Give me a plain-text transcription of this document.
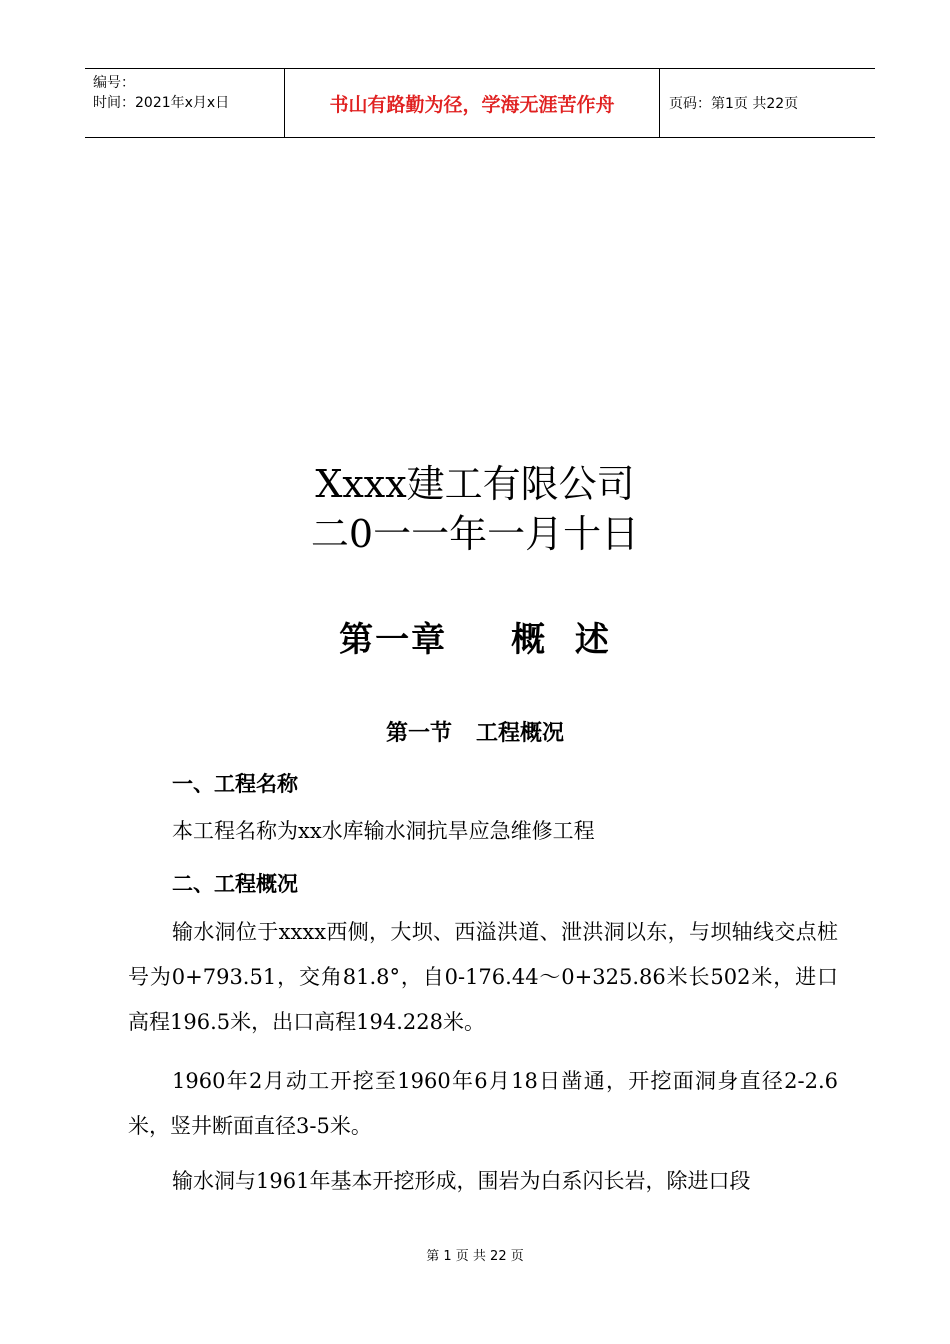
编号：
时间：2021年x月x日	书山有路勤为径，学海无涯苦作舟	页码：第1页 共22页
Xxxx建工有限公司
二0一一年一月十日
第一章 概  述
第一节 工程概况
一、工程名称
本工程名称为xx水库输水洞抗旱应急维修工程
二、工程概况
输水洞位于xxxx西侧，大坝、西溢洪道、泄洪洞以东，与坝轴线交点桩号为0+793.51，交角81.8°，自0-176.44～0+325.86米长502米，进口高程196.5米，出口高程194.228米。
1960年2月动工开挖至1960年6月18日凿通，开挖面洞身直径2-2.6米，竖井断面直径3-5米。
输水洞与1961年基本开挖形成，围岩为白系闪长岩，除进口段
第 1 页 共 22 页
